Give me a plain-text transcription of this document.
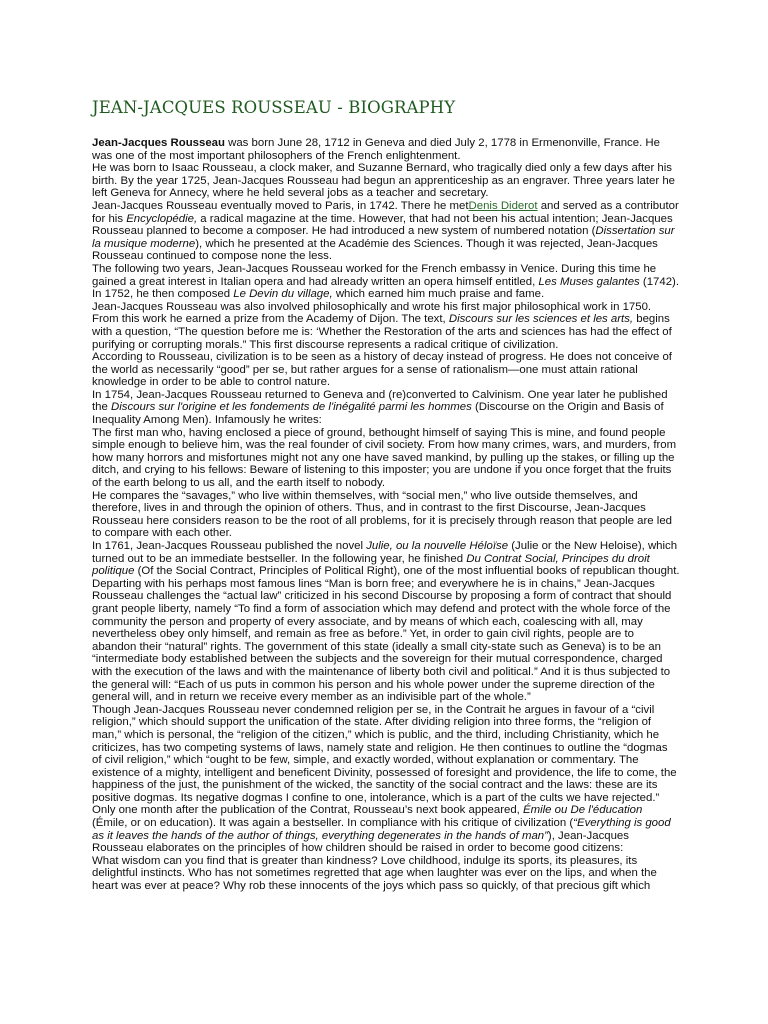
JEAN-JACQUES ROUSSEAU - BIOGRAPHY

Jean-Jacques Rousseau was born June 28, 1712 in Geneva and died July 2, 1778 in Ermenonville, France. He was one of the most important philosophers of the French enlightenment.

He was born to Isaac Rousseau, a clock maker, and Suzanne Bernard, who tragically died only a few days after his birth. By the year 1725, Jean-Jacques Rousseau had begun an apprenticeship as an engraver. Three years later he left Geneva for Annecy, where he held several jobs as a teacher and secretary.

Jean-Jacques Rousseau eventually moved to Paris, in 1742. There he metDenis Diderot and served as a contributor for his Encyclopédie, a radical magazine at the time. However, that had not been his actual intention; Jean-Jacques Rousseau planned to become a composer. He had introduced a new system of numbered notation (Dissertation sur la musique moderne), which he presented at the Académie des Sciences. Though it was rejected, Jean-Jacques Rousseau continued to compose none the less.

The following two years, Jean-Jacques Rousseau worked for the French embassy in Venice. During this time he gained a great interest in Italian opera and had already written an opera himself entitled, Les Muses galantes (1742). In 1752, he then composed Le Devin du village, which earned him much praise and fame.

Jean-Jacques Rousseau was also involved philosophically and wrote his first major philosophical work in 1750. From this work he earned a prize from the Academy of Dijon. The text, Discours sur les sciences et les arts, begins with a question, “The question before me is: ‘Whether the Restoration of the arts and sciences has had the effect of purifying or corrupting morals.” This first discourse represents a radical critique of civilization.

According to Rousseau, civilization is to be seen as a history of decay instead of progress. He does not conceive of the world as necessarily “good” per se, but rather argues for a sense of rationalism—one must attain rational knowledge in order to be able to control nature.

In 1754, Jean-Jacques Rousseau returned to Geneva and (re)converted to Calvinism. One year later he published the Discours sur l'origine et les fondements de l'inégalité parmi les hommes (Discourse on the Origin and Basis of Inequality Among Men). Infamously he writes:

The first man who, having enclosed a piece of ground, bethought himself of saying This is mine, and found people simple enough to believe him, was the real founder of civil society. From how many crimes, wars, and murders, from how many horrors and misfortunes might not any one have saved mankind, by pulling up the stakes, or filling up the ditch, and crying to his fellows: Beware of listening to this imposter; you are undone if you once forget that the fruits of the earth belong to us all, and the earth itself to nobody.

He compares the “savages,” who live within themselves, with “social men,” who live outside themselves, and therefore, lives in and through the opinion of others. Thus, and in contrast to the first Discourse, Jean-Jacques Rousseau here considers reason to be the root of all problems, for it is precisely through reason that people are led to compare with each other.

In 1761, Jean-Jacques Rousseau published the novel Julie, ou la nouvelle Héloïse (Julie or the New Heloise), which turned out to be an immediate bestseller. In the following year, he finished Du Contrat Social, Principes du droit politique (Of the Social Contract, Principles of Political Right), one of the most influential books of republican thought. Departing with his perhaps most famous lines “Man is born free; and everywhere he is in chains,” Jean-Jacques Rousseau challenges the “actual law” criticized in his second Discourse by proposing a form of contract that should grant people liberty, namely “To find a form of association which may defend and protect with the whole force of the community the person and property of every associate, and by means of which each, coalescing with all, may nevertheless obey only himself, and remain as free as before.” Yet, in order to gain civil rights, people are to abandon their “natural” rights. The government of this state (ideally a small city-state such as Geneva) is to be an “intermediate body established between the subjects and the sovereign for their mutual correspondence, charged with the execution of the laws and with the maintenance of liberty both civil and political.” And it is thus subjected to the general will: “Each of us puts in common his person and his whole power under the supreme direction of the general will, and in return we receive every member as an indivisible part of the whole.”

Though Jean-Jacques Rousseau never condemned religion per se, in the Contrait he argues in favour of a “civil religion,” which should support the unification of the state. After dividing religion into three forms, the “religion of man,” which is personal, the “religion of the citizen,” which is public, and the third, including Christianity, which he criticizes, has two competing systems of laws, namely state and religion. He then continues to outline the “dogmas of civil religion,” which “ought to be few, simple, and exactly worded, without explanation or commentary. The existence of a mighty, intelligent and beneficent Divinity, possessed of foresight and providence, the life to come, the happiness of the just, the punishment of the wicked, the sanctity of the social contract and the laws: these are its positive dogmas. Its negative dogmas I confine to one, intolerance, which is a part of the cults we have rejected.”

Only one month after the publication of the Contrat, Rousseau’s next book appeared, Émile ou De l'éducation (Émile, or on education). It was again a bestseller. In compliance with his critique of civilization (“Everything is good as it leaves the hands of the author of things, everything degenerates in the hands of man”), Jean-Jacques Rousseau elaborates on the principles of how children should be raised in order to become good citizens:

What wisdom can you find that is greater than kindness? Love childhood, indulge its sports, its pleasures, its delightful instincts. Who has not sometimes regretted that age when laughter was ever on the lips, and when the heart was ever at peace? Why rob these innocents of the joys which pass so quickly, of that precious gift which
